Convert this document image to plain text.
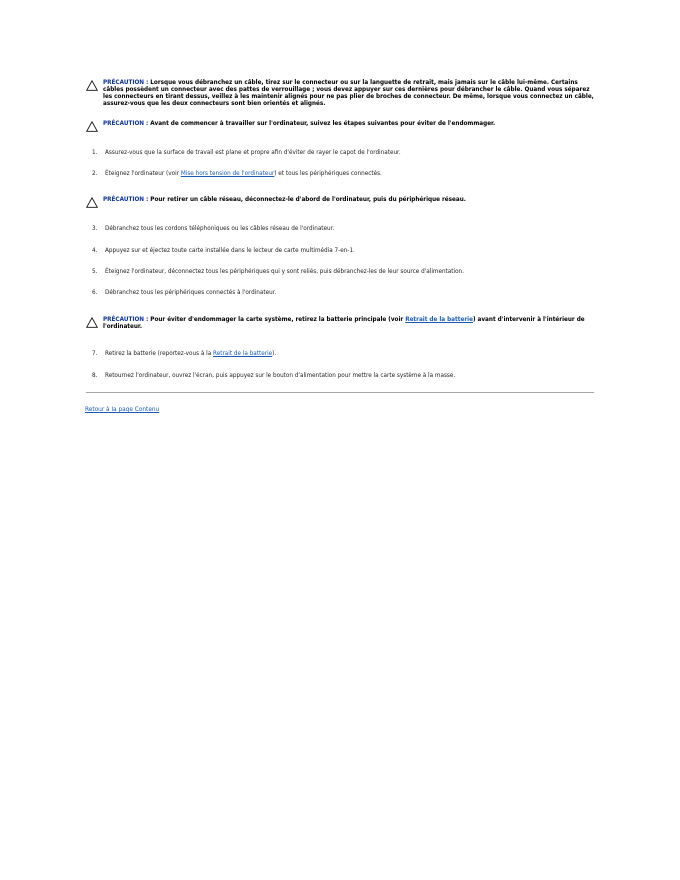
PRÉCAUTION : Lorsque vous débranchez un câble, tirez sur le connecteur ou sur la languette de retrait, mais jamais sur le câble lui-même. Certains câbles possèdent un connecteur avec des pattes de verrouillage ; vous devez appuyer sur ces dernières pour débrancher le câble. Quand vous séparez les connecteurs en tirant dessus, veillez à les maintenir alignés pour ne pas plier de broches de connecteur. De même, lorsque vous connectez un câble, assurez-vous que les deux connecteurs sont bien orientés et alignés.
PRÉCAUTION : Avant de commencer à travailler sur l'ordinateur, suivez les étapes suivantes pour éviter de l'endommager.
1. Assurez-vous que la surface de travail est plane et propre afin d'éviter de rayer le capot de l'ordinateur.
2. Éteignez l'ordinateur (voir Mise hors tension de l'ordinateur) et tous les périphériques connectés.
PRÉCAUTION : Pour retirer un câble réseau, déconnectez-le d'abord de l'ordinateur, puis du périphérique réseau.
3. Débranchez tous les cordons téléphoniques ou les câbles réseau de l'ordinateur.
4. Appuyez sur et éjectez toute carte installée dans le lecteur de carte multimédia 7-en-1.
5. Éteignez l'ordinateur, déconnectez tous les périphériques qui y sont reliés, puis débranchez-les de leur source d'alimentation.
6. Débranchez tous les périphériques connectés à l'ordinateur.
PRÉCAUTION : Pour éviter d'endommager la carte système, retirez la batterie principale (voir Retrait de la batterie) avant d'intervenir à l'intérieur de l'ordinateur.
7. Retirez la batterie (reportez-vous à la Retrait de la batterie).
8. Retournez l'ordinateur, ouvrez l'écran, puis appuyez sur le bouton d'alimentation pour mettre la carte système à la masse.
Retour à la page Contenu
